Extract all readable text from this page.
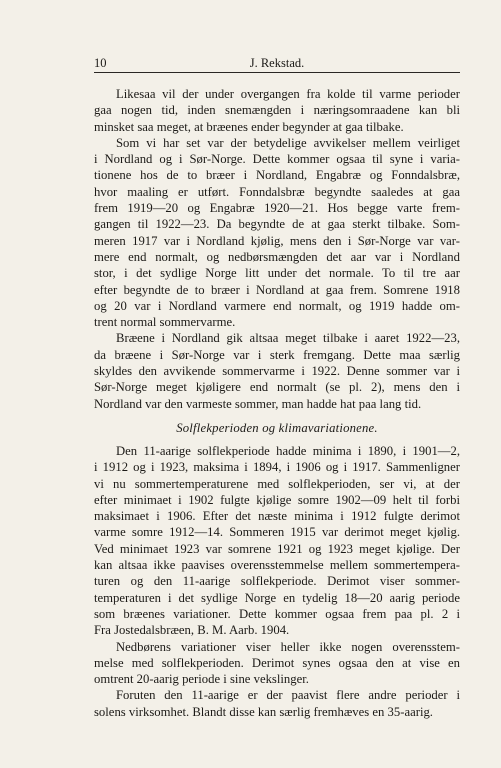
10	J. Rekstad.
Likesaa vil der under overgangen fra kolde til varme perioder
gaa nogen tid, inden snemængden i næringsomraadene kan bli
minsket saa meget, at bræenes ender begynder at gaa tilbake.
Som vi har set var der betydelige avvikelser mellem veirliget
i Nordland og i Sør-Norge. Dette kommer ogsaa til syne i varia-
tionene hos de to bræer i Nordland, Engabræ og Fonndalsbræ,
hvor maaling er utført. Fonndalsbræ begyndte saaledes at gaa
frem 1919—20 og Engabræ 1920—21. Hos begge varte frem-
gangen til 1922—23. Da begyndte de at gaa sterkt tilbake. Som-
meren 1917 var i Nordland kjølig, mens den i Sør-Norge var var-
mere end normalt, og nedbørsmængden det aar var i Nordland
stor, i det sydlige Norge litt under det normale. To til tre aar
efter begyndte de to bræer i Nordland at gaa frem. Somrene 1918
og 20 var i Nordland varmere end normalt, og 1919 hadde om-
trent normal sommervarme.
Bræene i Nordland gik altsaa meget tilbake i aaret 1922—23,
da bræene i Sør-Norge var i sterk fremgang. Dette maa særlig
skyldes den avvikende sommervarme i 1922. Denne sommer var i
Sør-Norge meget kjøligere end normalt (se pl. 2), mens den i
Nordland var den varmeste sommer, man hadde hat paa lang tid.
Solflekperioden og klimavariationene.
Den 11-aarige solflekperiode hadde minima i 1890, i 1901—2,
i 1912 og i 1923, maksima i 1894, i 1906 og i 1917. Sammenligner
vi nu sommertemperaturene med solflekperioden, ser vi, at der
efter minimaet i 1902 fulgte kjølige somre 1902—09 helt til forbi
maksimaet i 1906. Efter det næste minima i 1912 fulgte derimot
varme somre 1912—14. Sommeren 1915 var derimot meget kjølig.
Ved minimaet 1923 var somrene 1921 og 1923 meget kjølige. Der
kan altsaa ikke paavises overensstemmelse mellem sommertempera-
turen og den 11-aarige solflekperiode. Derimot viser sommer-
temperaturen i det sydlige Norge en tydelig 18—20 aarig periode
som bræenes variationer. Dette kommer ogsaa frem paa pl. 2 i
Fra Jostedalsbræen, B. M. Aarb. 1904.
Nedbørens variationer viser heller ikke nogen overensstem-
melse med solflekperioden. Derimot synes ogsaa den at vise en
omtrent 20-aarig periode i sine vekslinger.
Foruten den 11-aarige er der paavist flere andre perioder i
solens virksomhet. Blandt disse kan særlig fremhæves en 35-aarig.
